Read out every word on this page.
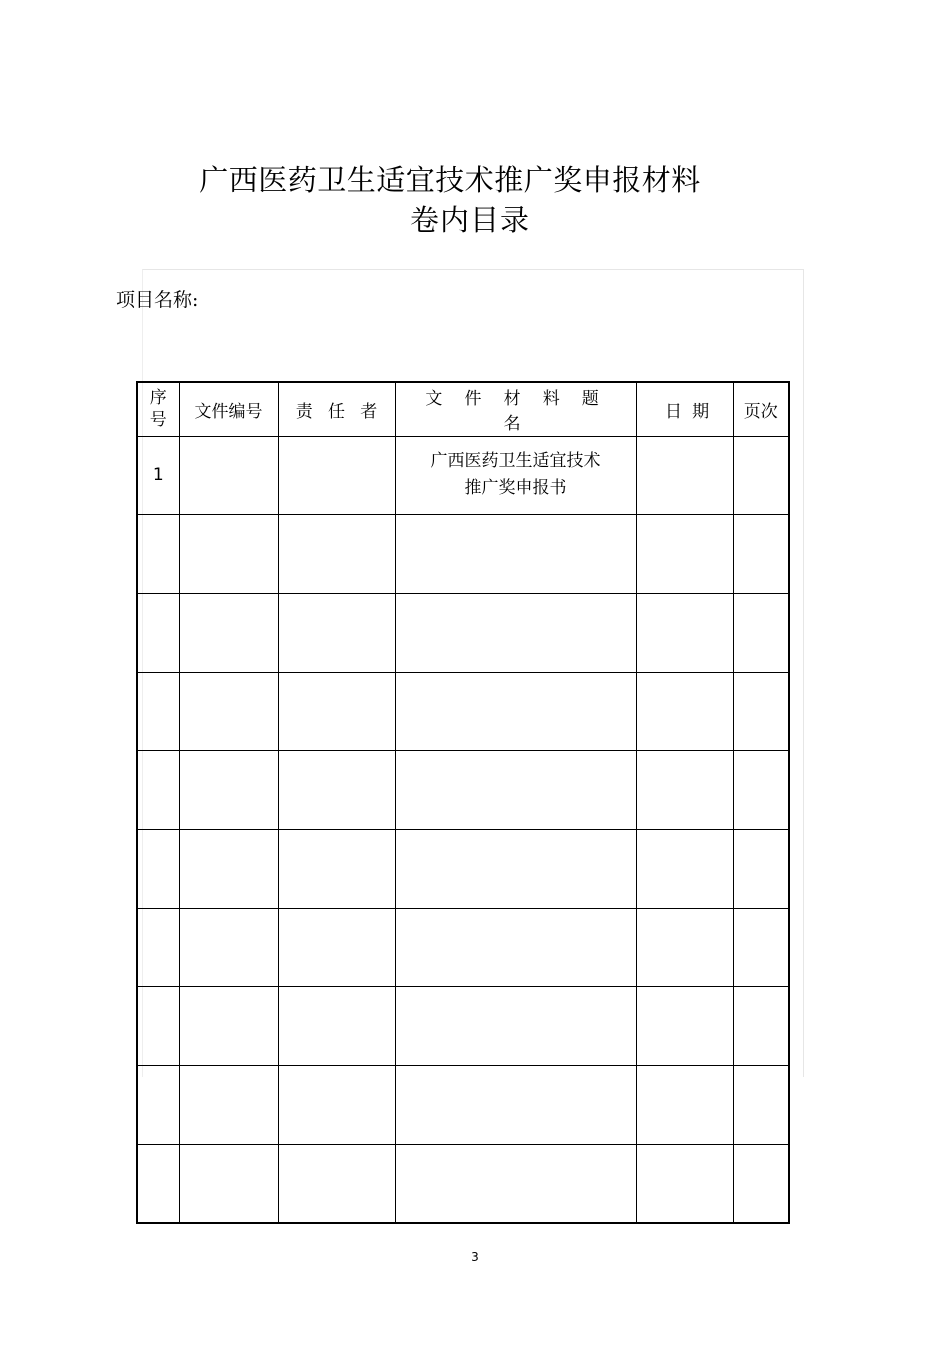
广西医药卫生适宜技术推广奖申报材料
卷内目录
项目名称:
序号	文件编号	责任者	文件材料题名	日期	页次
1			广西医药卫生适宜技术
推广奖申报书		

3
